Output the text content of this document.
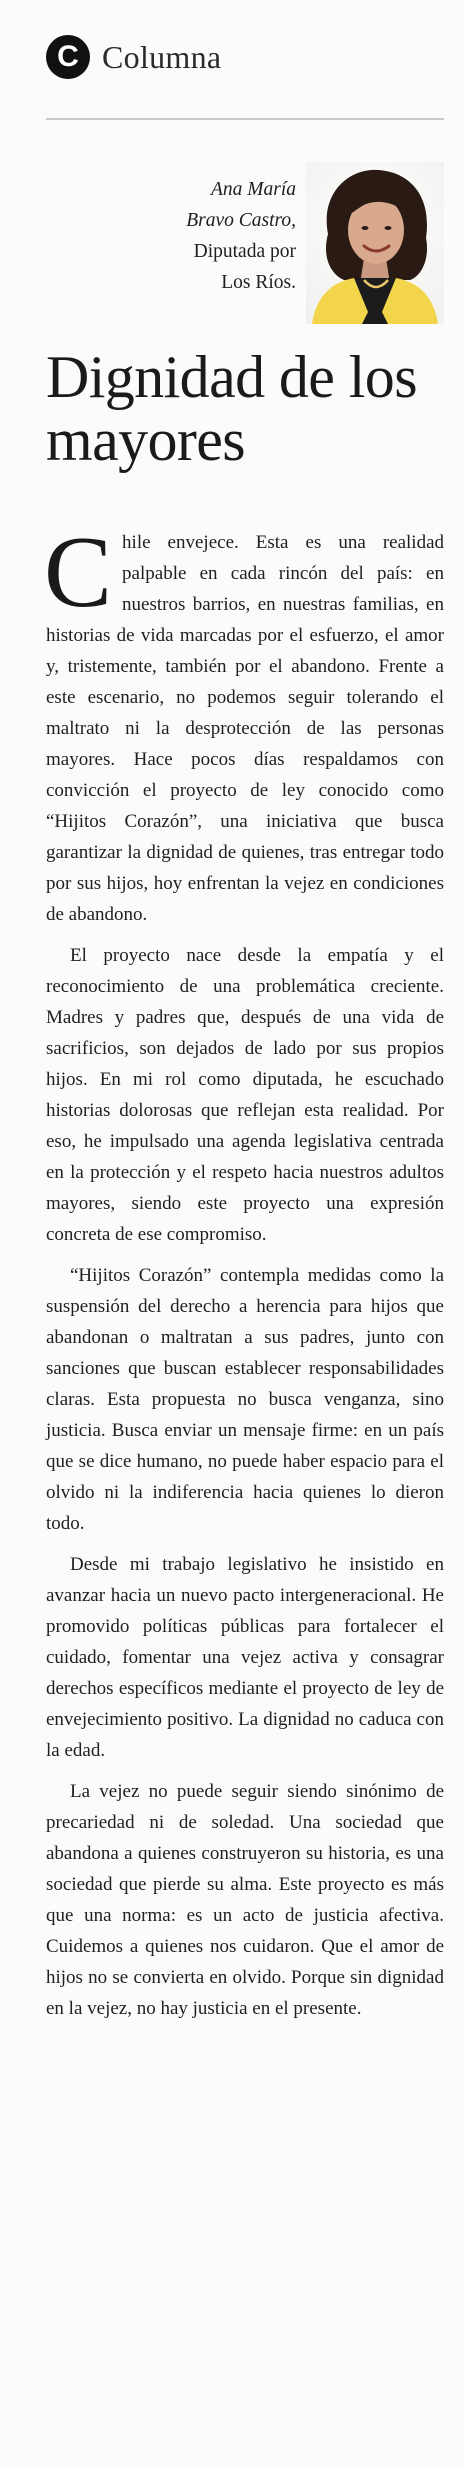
C Columna
Ana María
Bravo Castro,
Diputada por
Los Ríos.
Dignidad de los mayores

Chile envejece. Esta es una realidad palpable en cada rincón del país: en nuestros barrios, en nuestras familias, en historias de vida marcadas por el esfuerzo, el amor y, tristemente, también por el abandono. Frente a este escenario, no podemos seguir tolerando el maltrato ni la desprotección de las personas mayores. Hace pocos días respaldamos con convicción el proyecto de ley conocido como “Hijitos Corazón”, una iniciativa que busca garantizar la dignidad de quienes, tras entregar todo por sus hijos, hoy enfrentan la vejez en condiciones de abandono.

El proyecto nace desde la empatía y el reconocimiento de una problemática creciente. Madres y padres que, después de una vida de sacrificios, son dejados de lado por sus propios hijos. En mi rol como diputada, he escuchado historias dolorosas que reflejan esta realidad. Por eso, he impulsado una agenda legislativa centrada en la protección y el respeto hacia nuestros adultos mayores, siendo este proyecto una expresión concreta de ese compromiso.

“Hijitos Corazón” contempla medidas como la suspensión del derecho a herencia para hijos que abandonan o maltratan a sus padres, junto con sanciones que buscan establecer responsabilidades claras. Esta propuesta no busca venganza, sino justicia. Busca enviar un mensaje firme: en un país que se dice humano, no puede haber espacio para el olvido ni la indiferencia hacia quienes lo dieron todo.

Desde mi trabajo legislativo he insistido en avanzar hacia un nuevo pacto intergeneracional. He promovido políticas públicas para fortalecer el cuidado, fomentar una vejez activa y consagrar derechos específicos mediante el proyecto de ley de envejecimiento positivo. La dignidad no caduca con la edad.

La vejez no puede seguir siendo sinónimo de precariedad ni de soledad. Una sociedad que abandona a quienes construyeron su historia, es una sociedad que pierde su alma. Este proyecto es más que una norma: es un acto de justicia afectiva. Cuidemos a quienes nos cuidaron. Que el amor de hijos no se convierta en olvido. Porque sin dignidad en la vejez, no hay justicia en el presente.
